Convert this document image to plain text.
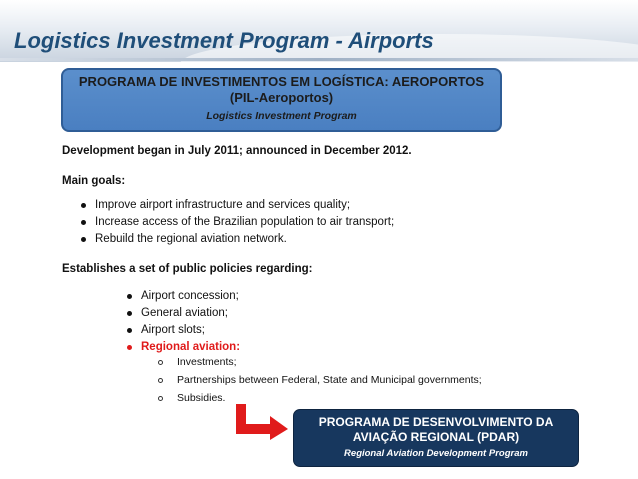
Logistics Investment Program - Airports
PROGRAMA DE INVESTIMENTOS EM LOGÍSTICA: AEROPORTOS
(PIL-Aeroportos)
Logistics Investment Program
Development began in July 2011; announced in December 2012.
Main goals:
Improve airport infrastructure and services quality;
Increase access of the Brazilian population to air transport;
Rebuild the regional aviation network.
Establishes a set of public policies regarding:
Airport concession;
General aviation;
Airport slots;
Regional aviation:
Investments;
Partnerships between Federal, State and Municipal governments;
Subsidies.
PROGRAMA DE DESENVOLVIMENTO DA
AVIAÇÃO REGIONAL (PDAR)
Regional Aviation Development Program
